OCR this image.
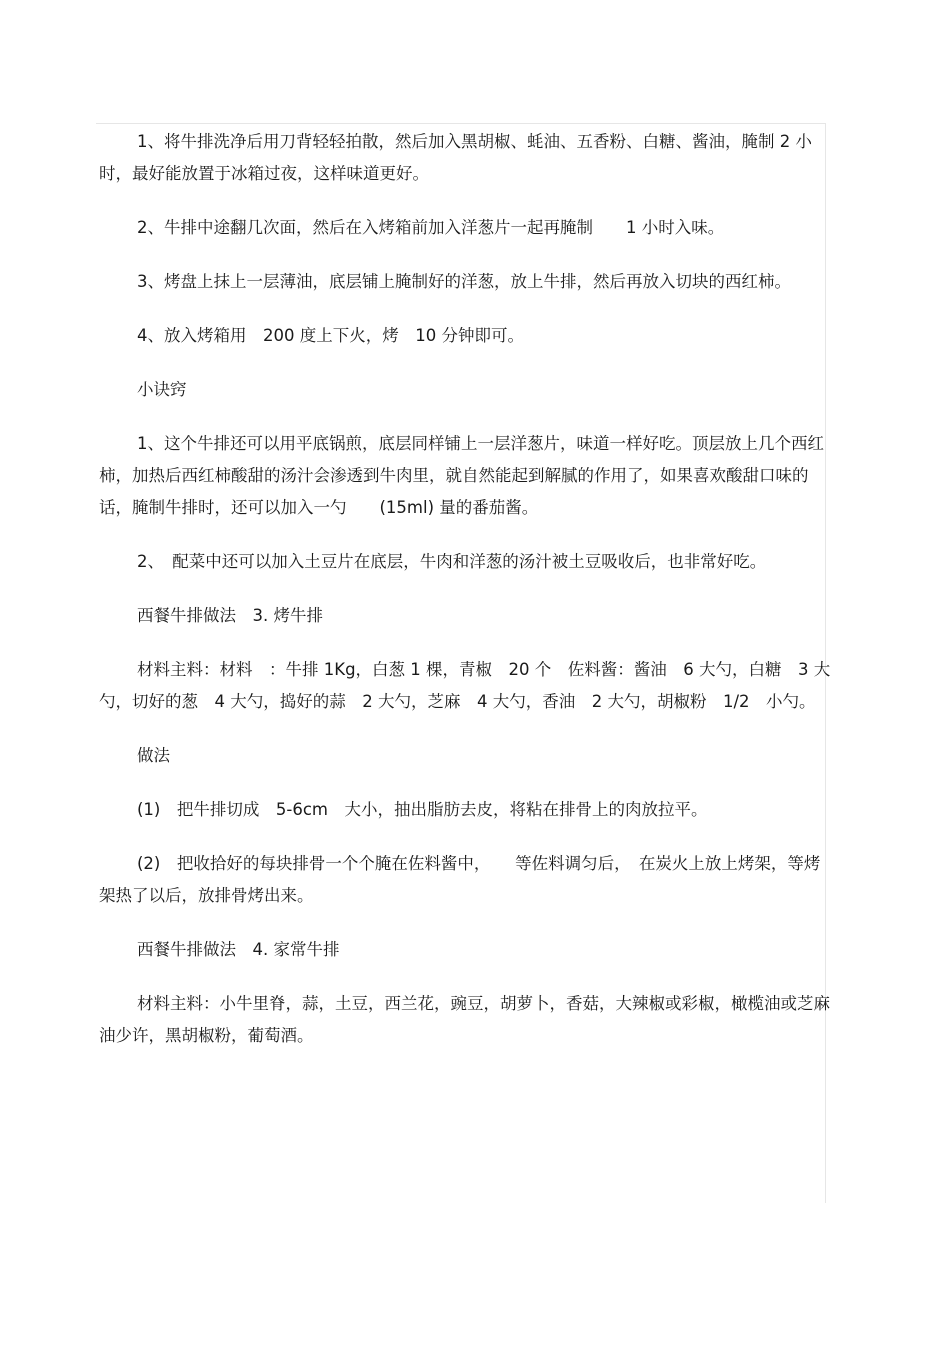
1、将牛排洗净后用刀背轻轻拍散，然后加入黑胡椒、蚝油、五香粉、白糖、酱油，腌制 2 小时，最好能放置于冰箱过夜，这样味道更好。

2、牛排中途翻几次面，然后在入烤箱前加入洋葱片一起再腌制　　1 小时入味。

3、烤盘上抹上一层薄油，底层铺上腌制好的洋葱，放上牛排，然后再放入切块的西红柿。

4、放入烤箱用　200 度上下火，烤　10 分钟即可。

小诀窍

1、这个牛排还可以用平底锅煎，底层同样铺上一层洋葱片，味道一样好吃。顶层放上几个西红柿，加热后西红柿酸甜的汤汁会渗透到牛肉里，就自然能起到解腻的作用了，如果喜欢酸甜口味的话，腌制牛排时，还可以加入一勺　　(15ml) 量的番茄酱。

2、　配菜中还可以加入土豆片在底层，牛肉和洋葱的汤汁被土豆吸收后，也非常好吃。

西餐牛排做法　3. 烤牛排

材料主料：材料　：牛排 1Kg，白葱 1 棵，青椒　20 个　佐料酱：酱油　6 大勺，白糖　3 大勺，切好的葱　4 大勺，捣好的蒜　2 大勺，芝麻　4 大勺，香油　2 大勺，胡椒粉　1/2　小勺。

做法

(1)　把牛排切成　5-6cm　大小，抽出脂肪去皮，将粘在排骨上的肉放拉平。

(2)　把收拾好的每块排骨一个个腌在佐料酱中，　　等佐料调匀后，　在炭火上放上烤架，等烤架热了以后，放排骨烤出来。

西餐牛排做法　4. 家常牛排

材料主料：小牛里脊，蒜，土豆，西兰花，豌豆，胡萝卜，香菇，大辣椒或彩椒，橄榄油或芝麻油少许，黑胡椒粉，葡萄酒。
